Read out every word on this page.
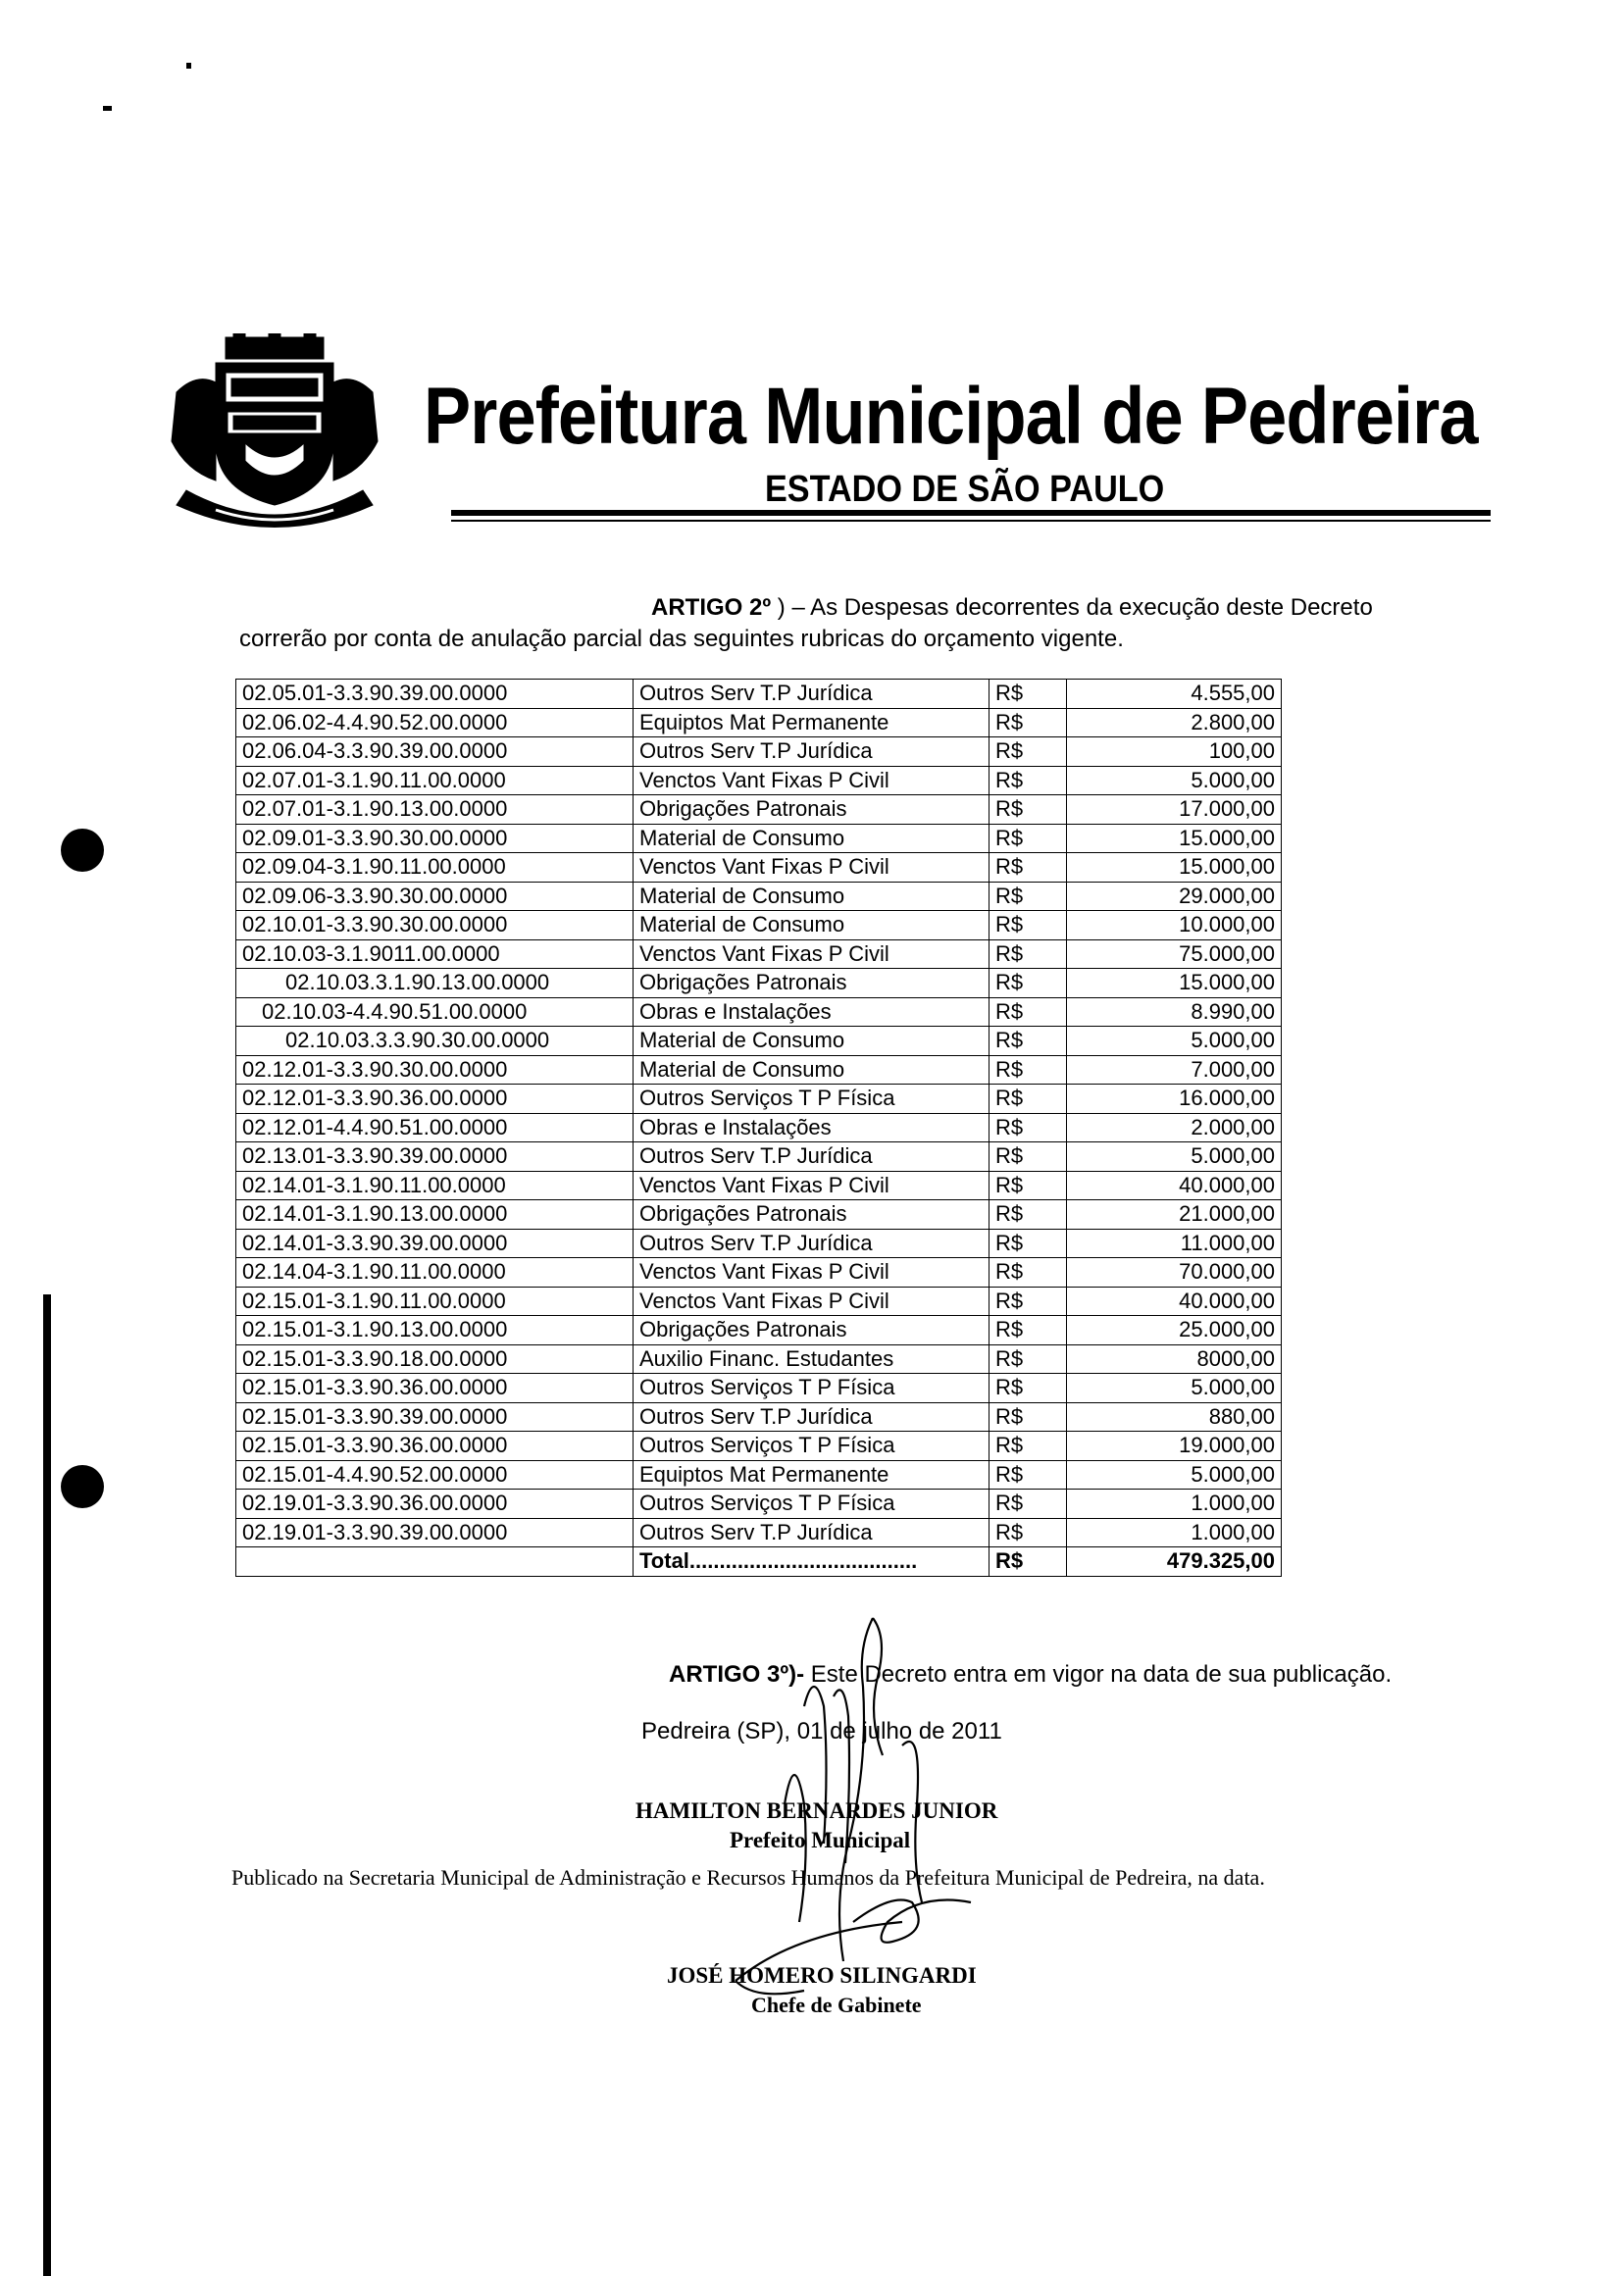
Prefeitura Municipal de Pedreira
ESTADO DE SÃO PAULO
ARTIGO 2º ) – As Despesas decorrentes da execução deste Decreto
correrão por conta de anulação parcial das seguintes rubricas do orçamento vigente.
02.05.01-3.3.90.39.00.0000	Outros Serv T.P Jurídica	R$	4.555,00
02.06.02-4.4.90.52.00.0000	Equiptos Mat Permanente	R$	2.800,00
02.06.04-3.3.90.39.00.0000	Outros Serv T.P Jurídica	R$	100,00
02.07.01-3.1.90.11.00.0000	Venctos Vant Fixas P Civil	R$	5.000,00
02.07.01-3.1.90.13.00.0000	Obrigações Patronais	R$	17.000,00
02.09.01-3.3.90.30.00.0000	Material de Consumo	R$	15.000,00
02.09.04-3.1.90.11.00.0000	Venctos Vant Fixas P Civil	R$	15.000,00
02.09.06-3.3.90.30.00.0000	Material de Consumo	R$	29.000,00
02.10.01-3.3.90.30.00.0000	Material de Consumo	R$	10.000,00
02.10.03-3.1.9011.00.0000	Venctos Vant Fixas P Civil	R$	75.000,00
02.10.03.3.1.90.13.00.0000	Obrigações Patronais	R$	15.000,00
02.10.03-4.4.90.51.00.0000	Obras e Instalações	R$	8.990,00
02.10.03.3.3.90.30.00.0000	Material de Consumo	R$	5.000,00
02.12.01-3.3.90.30.00.0000	Material de Consumo	R$	7.000,00
02.12.01-3.3.90.36.00.0000	Outros Serviços T P Física	R$	16.000,00
02.12.01-4.4.90.51.00.0000	Obras e Instalações	R$	2.000,00
02.13.01-3.3.90.39.00.0000	Outros Serv T.P Jurídica	R$	5.000,00
02.14.01-3.1.90.11.00.0000	Venctos Vant Fixas P Civil	R$	40.000,00
02.14.01-3.1.90.13.00.0000	Obrigações Patronais	R$	21.000,00
02.14.01-3.3.90.39.00.0000	Outros Serv T.P Jurídica	R$	11.000,00
02.14.04-3.1.90.11.00.0000	Venctos Vant Fixas P Civil	R$	70.000,00
02.15.01-3.1.90.11.00.0000	Venctos Vant Fixas P Civil	R$	40.000,00
02.15.01-3.1.90.13.00.0000	Obrigações Patronais	R$	25.000,00
02.15.01-3.3.90.18.00.0000	Auxilio Financ. Estudantes	R$	8000,00
02.15.01-3.3.90.36.00.0000	Outros Serviços T P Física	R$	5.000,00
02.15.01-3.3.90.39.00.0000	Outros Serv T.P Jurídica	R$	880,00
02.15.01-3.3.90.36.00.0000	Outros Serviços T P Física	R$	19.000,00
02.15.01-4.4.90.52.00.0000	Equiptos Mat Permanente	R$	5.000,00
02.19.01-3.3.90.36.00.0000	Outros Serviços T P Física	R$	1.000,00
02.19.01-3.3.90.39.00.0000	Outros Serv T.P Jurídica	R$	1.000,00
	Total......................................	R$	479.325,00
ARTIGO 3º)- Este Decreto entra em vigor na data de sua publicação.
Pedreira (SP), 01 de julho de 2011
HAMILTON BERNARDES JUNIOR
Prefeito Municipal
Publicado na Secretaria Municipal de Administração e Recursos Humanos da Prefeitura Municipal de Pedreira, na data.
JOSÉ HOMERO SILINGARDI
Chefe de Gabinete
